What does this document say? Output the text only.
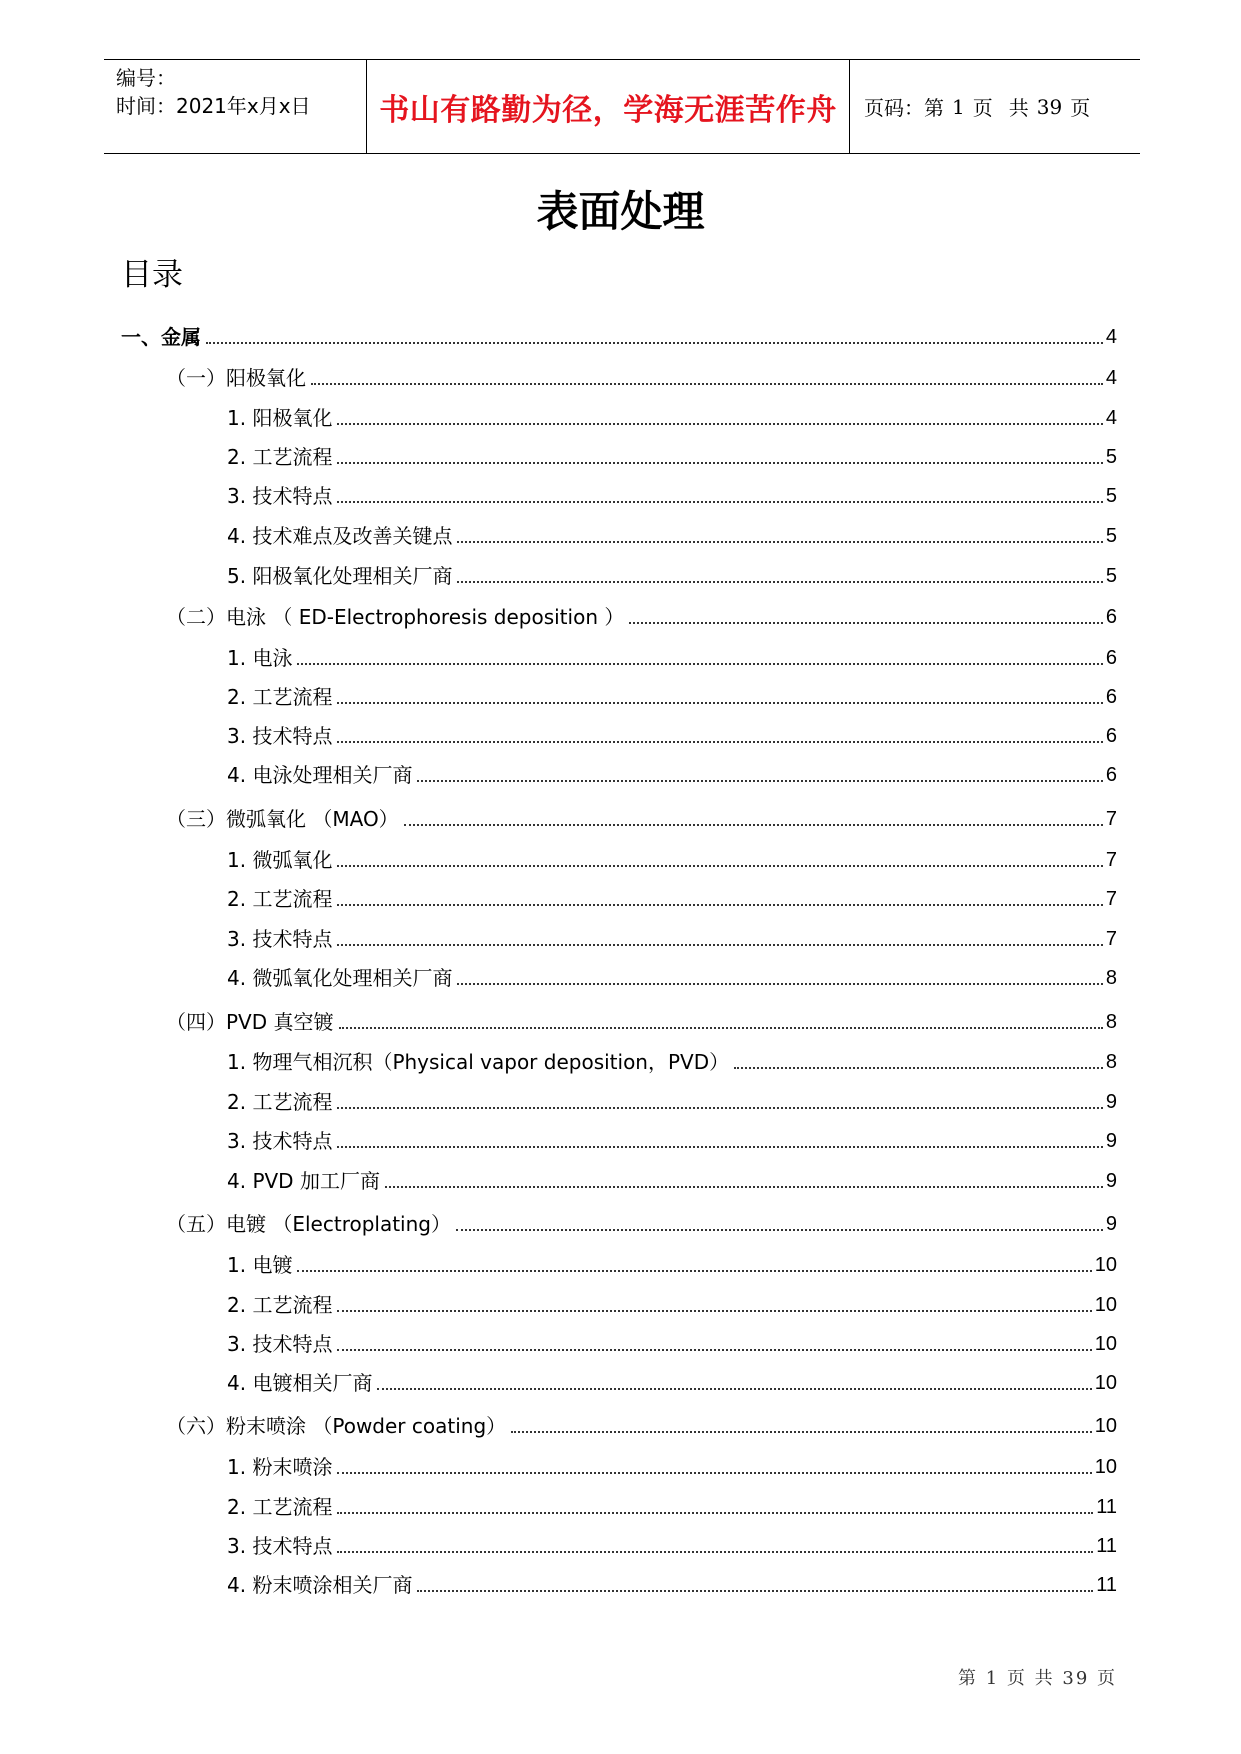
编号：
时间：2021年x月x日	书山有路勤为径，学海无涯苦作舟	页码：第 1 页 共 39 页
表面处理
目录
一、金属	4
（一）阳极氧化	4
1. 阳极氧化	4
2. 工艺流程	5
3. 技术特点	5
4. 技术难点及改善关键点	5
5. 阳极氧化处理相关厂商	5
（二）电泳 （ ED-Electrophoresis deposition ）	6
1. 电泳	6
2. 工艺流程	6
3. 技术特点	6
4. 电泳处理相关厂商	6
（三）微弧氧化 （MAO）	7
1. 微弧氧化	7
2. 工艺流程	7
3. 技术特点	7
4. 微弧氧化处理相关厂商	8
（四）PVD 真空镀	8
1. 物理气相沉积（Physical vapor deposition，PVD）	8
2. 工艺流程	9
3. 技术特点	9
4. PVD 加工厂商	9
（五）电镀 （Electroplating）	9
1. 电镀	10
2. 工艺流程	10
3. 技术特点	10
4. 电镀相关厂商	10
（六）粉末喷涂 （Powder coating）	10
1. 粉末喷涂	10
2. 工艺流程	11
3. 技术特点	11
4. 粉末喷涂相关厂商	11
第 1 页 共 39 页
